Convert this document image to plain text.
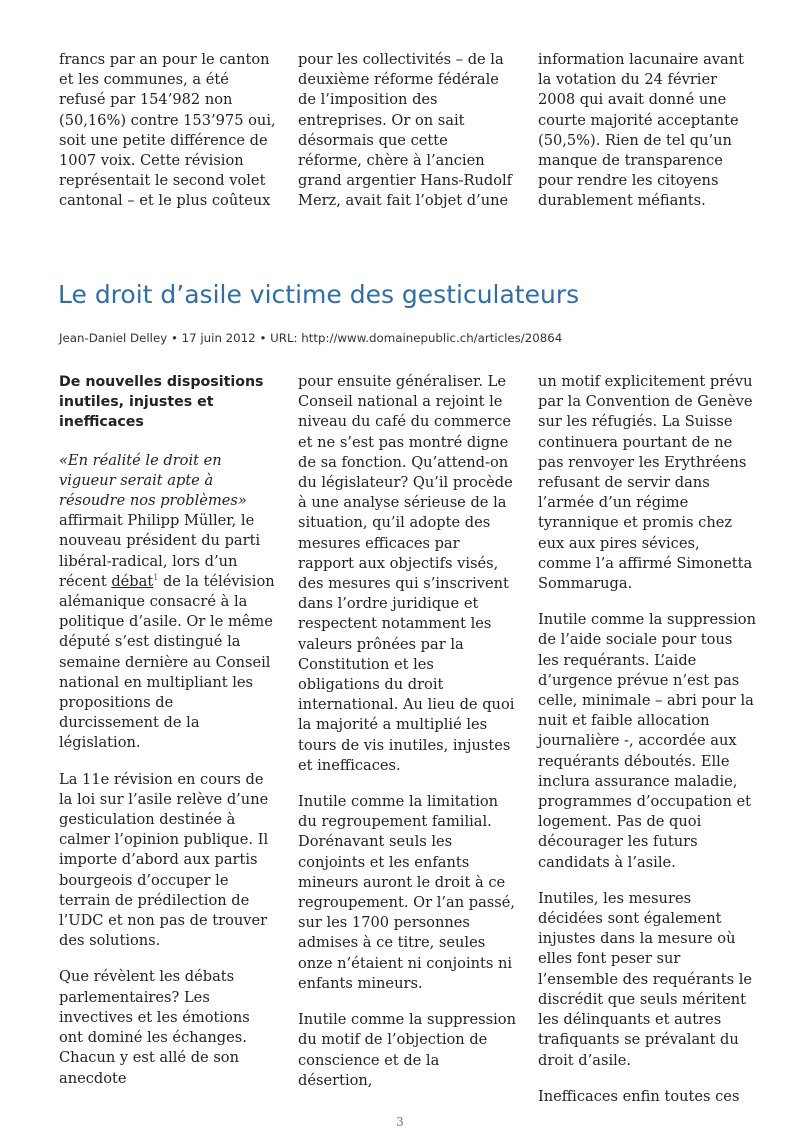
francs par an pour le canton et les communes, a été refusé par 154’982 non (50,16%) contre 153’975 oui, soit une petite différence de 1007 voix. Cette révision représentait le second volet cantonal – et le plus coûteux

pour les collectivités – de la deuxième réforme fédérale de l’imposition des entreprises. Or on sait désormais que cette réforme, chère à l’ancien grand argentier Hans-Rudolf Merz, avait fait l’objet d’une

information lacunaire avant la votation du 24 février 2008 qui avait donné une courte majorité acceptante (50,5%). Rien de tel qu’un manque de transparence pour rendre les citoyens durablement méfiants.

Le droit d’asile victime des gesticulateurs

Jean-Daniel Delley • 17 juin 2012 • URL: http://www.domainepublic.ch/articles/20864

De nouvelles dispositions inutiles, injustes et inefficaces

«En réalité le droit en vigueur serait apte à résoudre nos problèmes» affirmait Philipp Müller, le nouveau président du parti libéral-radical, lors d’un récent débat$^1$ de la télévision alémanique consacré à la politique d’asile. Or le même député s’est distingué la semaine dernière au Conseil national en multipliant les propositions de durcissement de la législation.

La 11e révision en cours de la loi sur l’asile relève d’une gesticulation destinée à calmer l’opinion publique. Il importe d’abord aux partis bourgeois d’occuper le terrain de prédilection de l’UDC et non pas de trouver des solutions.

Que révèlent les débats parlementaires? Les invectives et les émotions ont dominé les échanges. Chacun y est allé de son anecdote

pour ensuite généraliser. Le Conseil national a rejoint le niveau du café du commerce et ne s’est pas montré digne de sa fonction. Qu’attend-on du législateur? Qu’il procède à une analyse sérieuse de la situation, qu’il adopte des mesures efficaces par rapport aux objectifs visés, des mesures qui s’inscrivent dans l’ordre juridique et respectent notamment les valeurs prônées par la Constitution et les obligations du droit international. Au lieu de quoi la majorité a multiplié les tours de vis inutiles, injustes et inefficaces.

Inutile comme la limitation du regroupement familial. Dorénavant seuls les conjoints et les enfants mineurs auront le droit à ce regroupement. Or l’an passé, sur les 1700 personnes admises à ce titre, seules onze n’étaient ni conjoints ni enfants mineurs.

Inutile comme la suppression du motif de l’objection de conscience et de la désertion,

un motif explicitement prévu par la Convention de Genève sur les réfugiés. La Suisse continuera pourtant de ne pas renvoyer les Erythréens refusant de servir dans l’armée d’un régime tyrannique et promis chez eux aux pires sévices, comme l’a affirmé Simonetta Sommaruga.

Inutile comme la suppression de l’aide sociale pour tous les requérants. L’aide d’urgence prévue n’est pas celle, minimale – abri pour la nuit et faible allocation journalière -, accordée aux requérants déboutés. Elle inclura assurance maladie, programmes d’occupation et logement. Pas de quoi décourager les futurs candidats à l’asile.

Inutiles, les mesures décidées sont également injustes dans la mesure où elles font peser sur l’ensemble des requérants le discrédit que seuls méritent les délinquants et autres trafiquants se prévalant du droit d’asile.

Inefficaces enfin toutes ces

3
